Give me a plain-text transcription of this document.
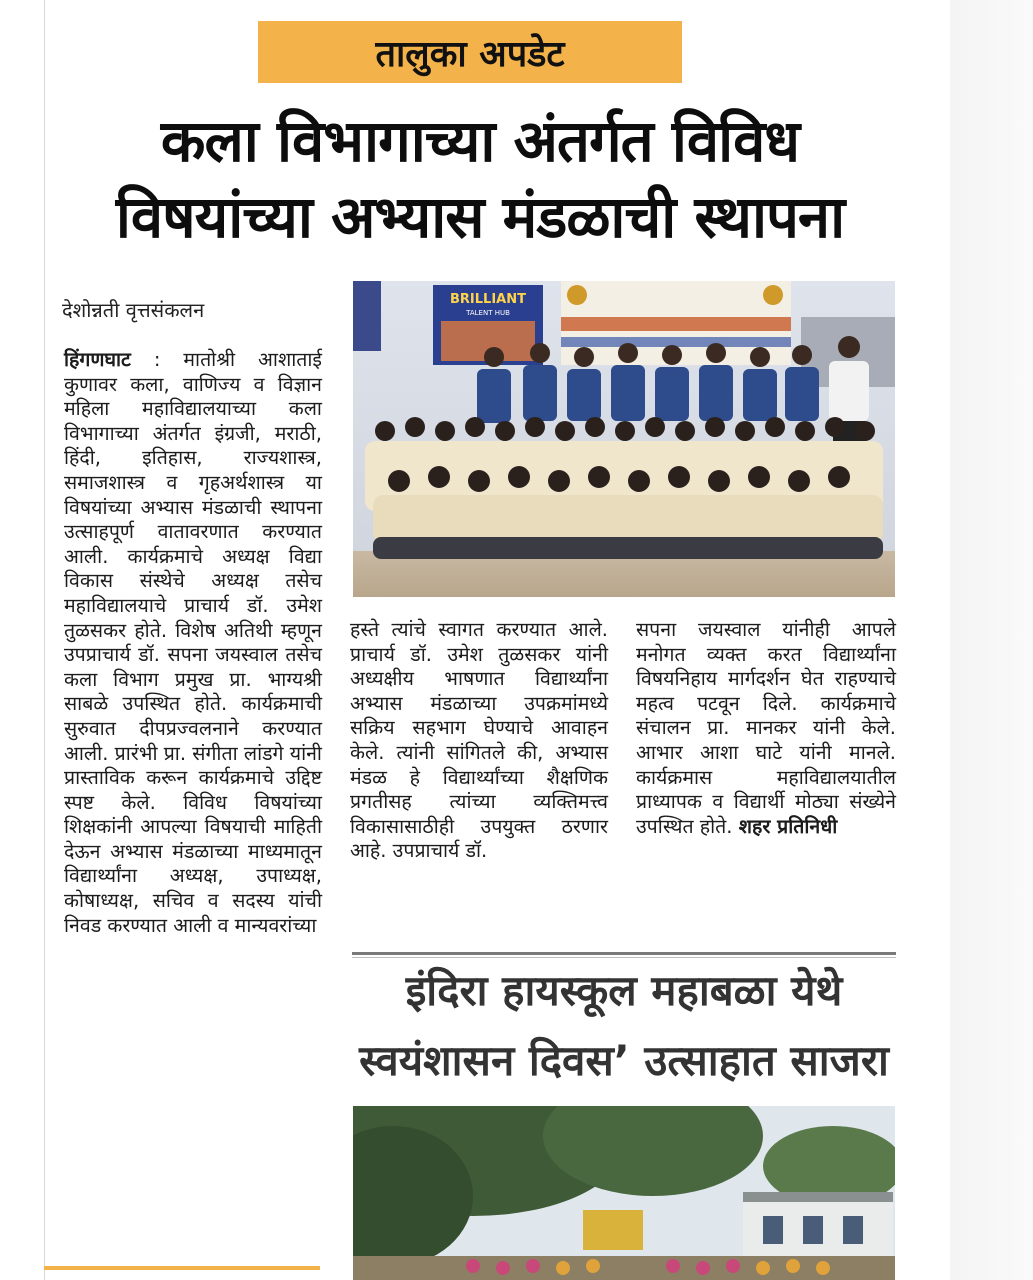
तालुका अपडेट
कला विभागाच्या अंतर्गत विविध
विषयांच्या अभ्यास मंडळाची स्थापना
देशोन्नती वृत्तसंकलन

हिंगणघाट : मातोश्री आशाताई कुणावर कला, वाणिज्य व विज्ञान महिला महाविद्यालयाच्या कला विभागाच्या अंतर्गत इंग्रजी, मराठी, हिंदी, इतिहास, राज्यशास्त्र, समाजशास्त्र व गृहअर्थशास्त्र या विषयांच्या अभ्यास मंडळाची स्थापना उत्साहपूर्ण वातावरणात करण्यात आली. कार्यक्रमाचे अध्यक्ष विद्या विकास संस्थेचे अध्यक्ष तसेच महाविद्यालयाचे प्राचार्य डॉ. उमेश तुळसकर होते. विशेष अतिथी म्हणून उपप्राचार्य डॉ. सपना जयस्वाल तसेच कला विभाग प्रमुख प्रा. भाग्यश्री साबळे उपस्थित होते. कार्यक्रमाची सुरुवात दीपप्रज्वलनाने करण्यात आली. प्रारंभी प्रा. संगीता लांडगे यांनी प्रास्ताविक करून कार्यक्रमाचे उद्दिष्ट स्पष्ट केले. विविध विषयांच्या शिक्षकांनी आपल्या विषयाची माहिती देऊन अभ्यास मंडळाच्या माध्यमातून विद्यार्थ्यांना अध्यक्ष, उपाध्यक्ष, कोषाध्यक्ष, सचिव व सदस्य यांची निवड करण्यात आली व मान्यवरांच्या

हस्ते त्यांचे स्वागत करण्यात आले. प्राचार्य डॉ. उमेश तुळसकर यांनी अध्यक्षीय भाषणात विद्यार्थ्यांना अभ्यास मंडळाच्या उपक्रमांमध्ये सक्रिय सहभाग घेण्याचे आवाहन केले. त्यांनी सांगितले की, अभ्यास मंडळ हे विद्यार्थ्यांच्या शैक्षणिक प्रगतीसह त्यांच्या व्यक्तिमत्त्व विकासासाठीही उपयुक्त ठरणार आहे. उपप्राचार्य डॉ.

सपना जयस्वाल यांनीही आपले मनोगत व्यक्त करत विद्यार्थ्यांना विषयनिहाय मार्गदर्शन घेत राहण्याचे महत्व पटवून दिले. कार्यक्रमाचे संचालन प्रा. मानकर यांनी केले. आभार आशा घाटे यांनी मानले. कार्यक्रमास महाविद्यालयातील प्राध्यापक व विद्यार्थी मोठ्या संख्येने उपस्थित होते. शहर प्रतिनिधी

BRILLIANT
TALENT HUB
इंदिरा हायस्कूल महाबळा येथे
स्वयंशासन दिवस’ उत्साहात साजरा
